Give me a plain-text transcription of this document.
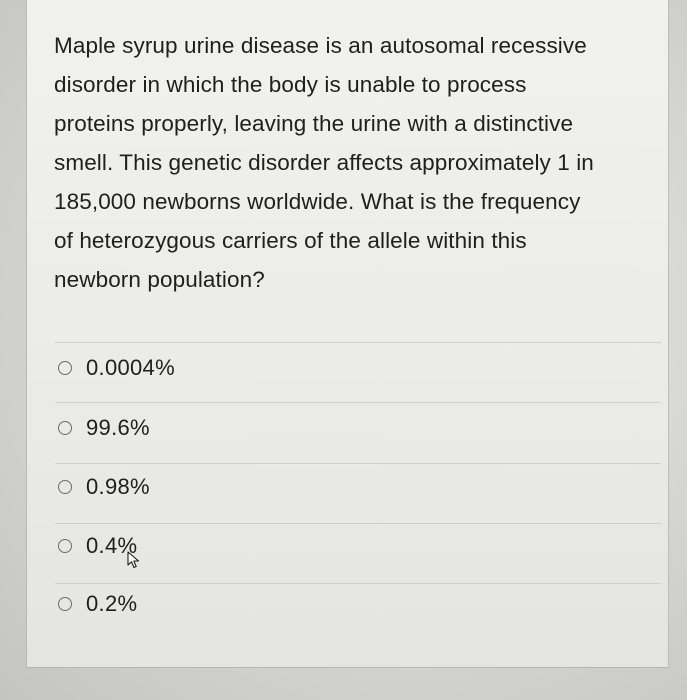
Maple syrup urine disease is an autosomal recessive
disorder in which the body is unable to process
proteins properly, leaving the urine with a distinctive
smell. This genetic disorder affects approximately 1 in
185,000 newborns worldwide. What is the frequency
of heterozygous carriers of the allele within this
newborn population?

0.0004%
99.6%
0.98%
0.4%
0.2%
